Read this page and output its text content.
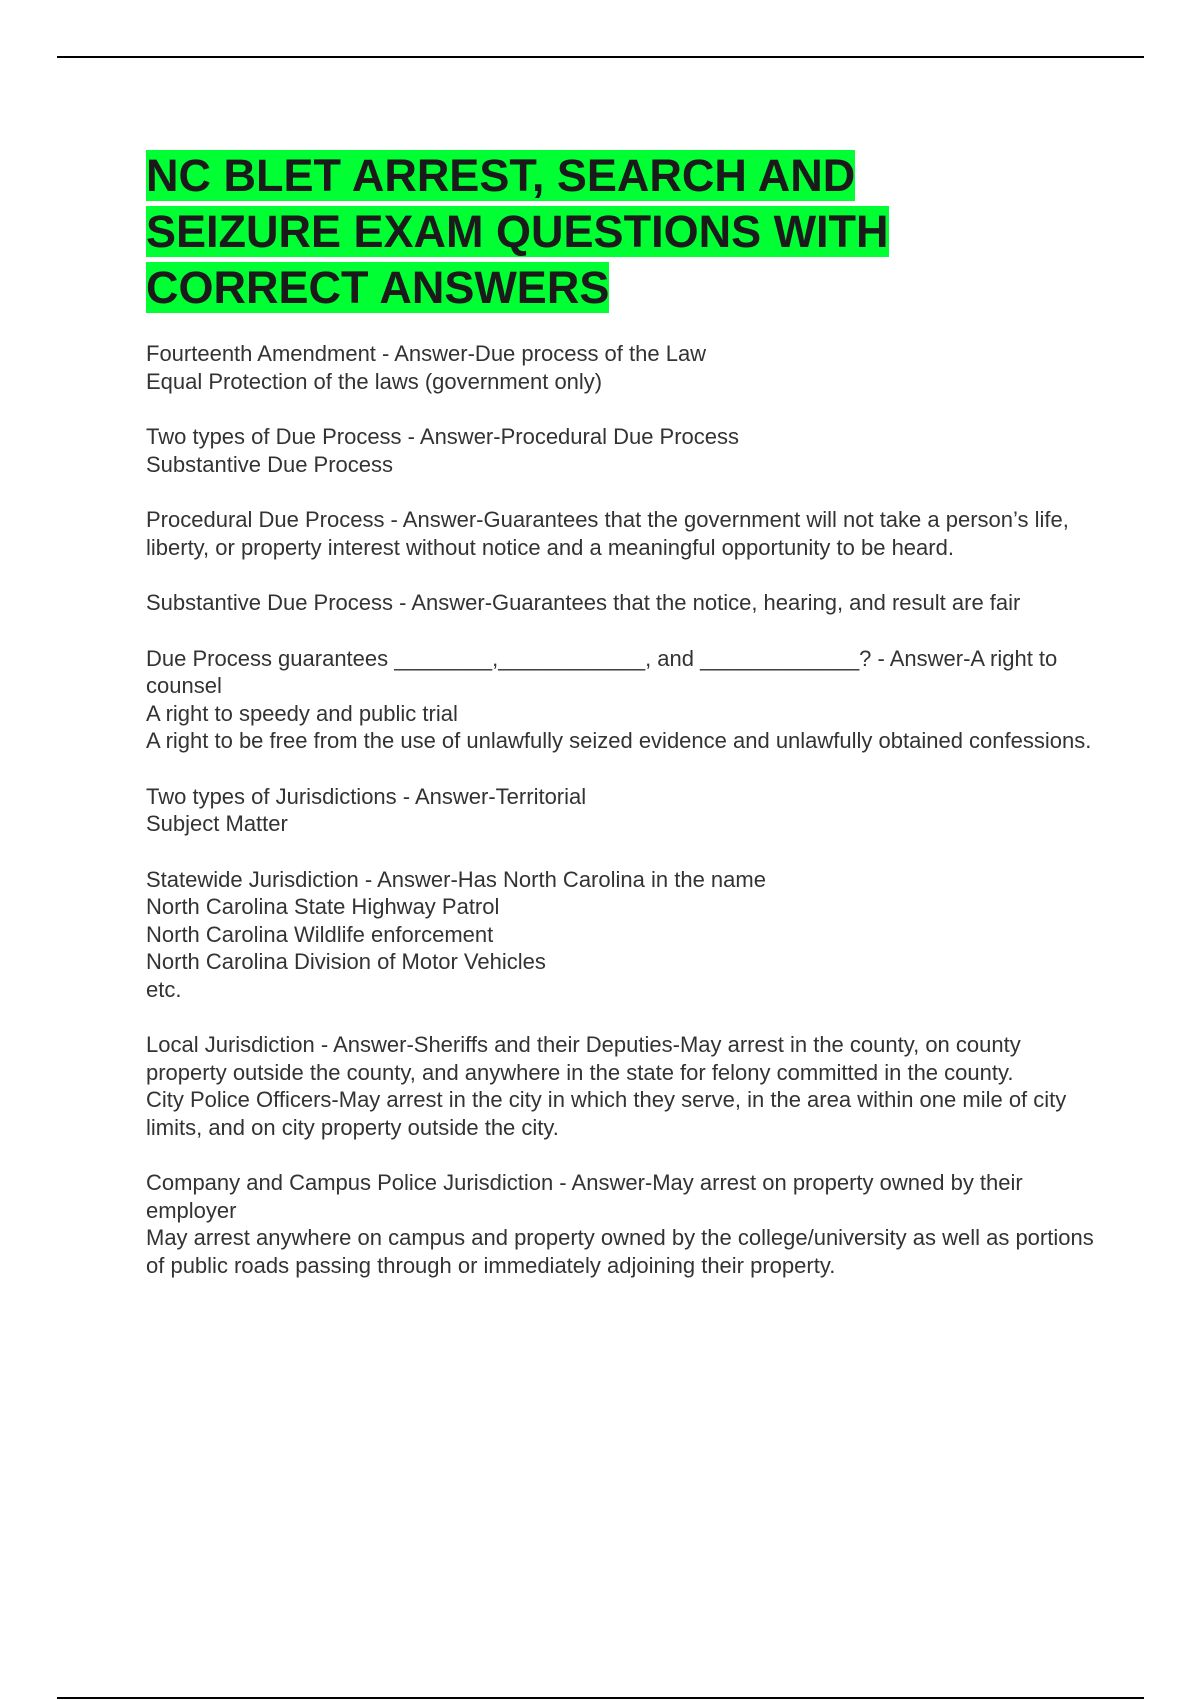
NC BLET ARREST, SEARCH AND SEIZURE EXAM QUESTIONS WITH CORRECT ANSWERS

Fourteenth Amendment - Answer-Due process of the Law

Equal Protection of the laws (government only)

Two types of Due Process - Answer-Procedural Due Process

Substantive Due Process

Procedural Due Process - Answer-Guarantees that the government will not take a person’s life, liberty, or property interest without notice and a meaningful opportunity to be heard.

Substantive Due Process - Answer-Guarantees that the notice, hearing, and result are fair

Due Process guarantees ________,____________, and _____________? - Answer-A right to counsel

A right to speedy and public trial

A right to be free from the use of unlawfully seized evidence and unlawfully obtained confessions.

Two types of Jurisdictions - Answer-Territorial

Subject Matter

Statewide Jurisdiction - Answer-Has North Carolina in the name

North Carolina State Highway Patrol

North Carolina Wildlife enforcement

North Carolina Division of Motor Vehicles

etc.

Local Jurisdiction - Answer-Sheriffs and their Deputies-May arrest in the county, on county property outside the county, and anywhere in the state for felony committed in the county.

City Police Officers-May arrest in the city in which they serve, in the area within one mile of city limits, and on city property outside the city.

Company and Campus Police Jurisdiction - Answer-May arrest on property owned by their employer

May arrest anywhere on campus and property owned by the college/university as well as portions of public roads passing through or immediately adjoining their property.
